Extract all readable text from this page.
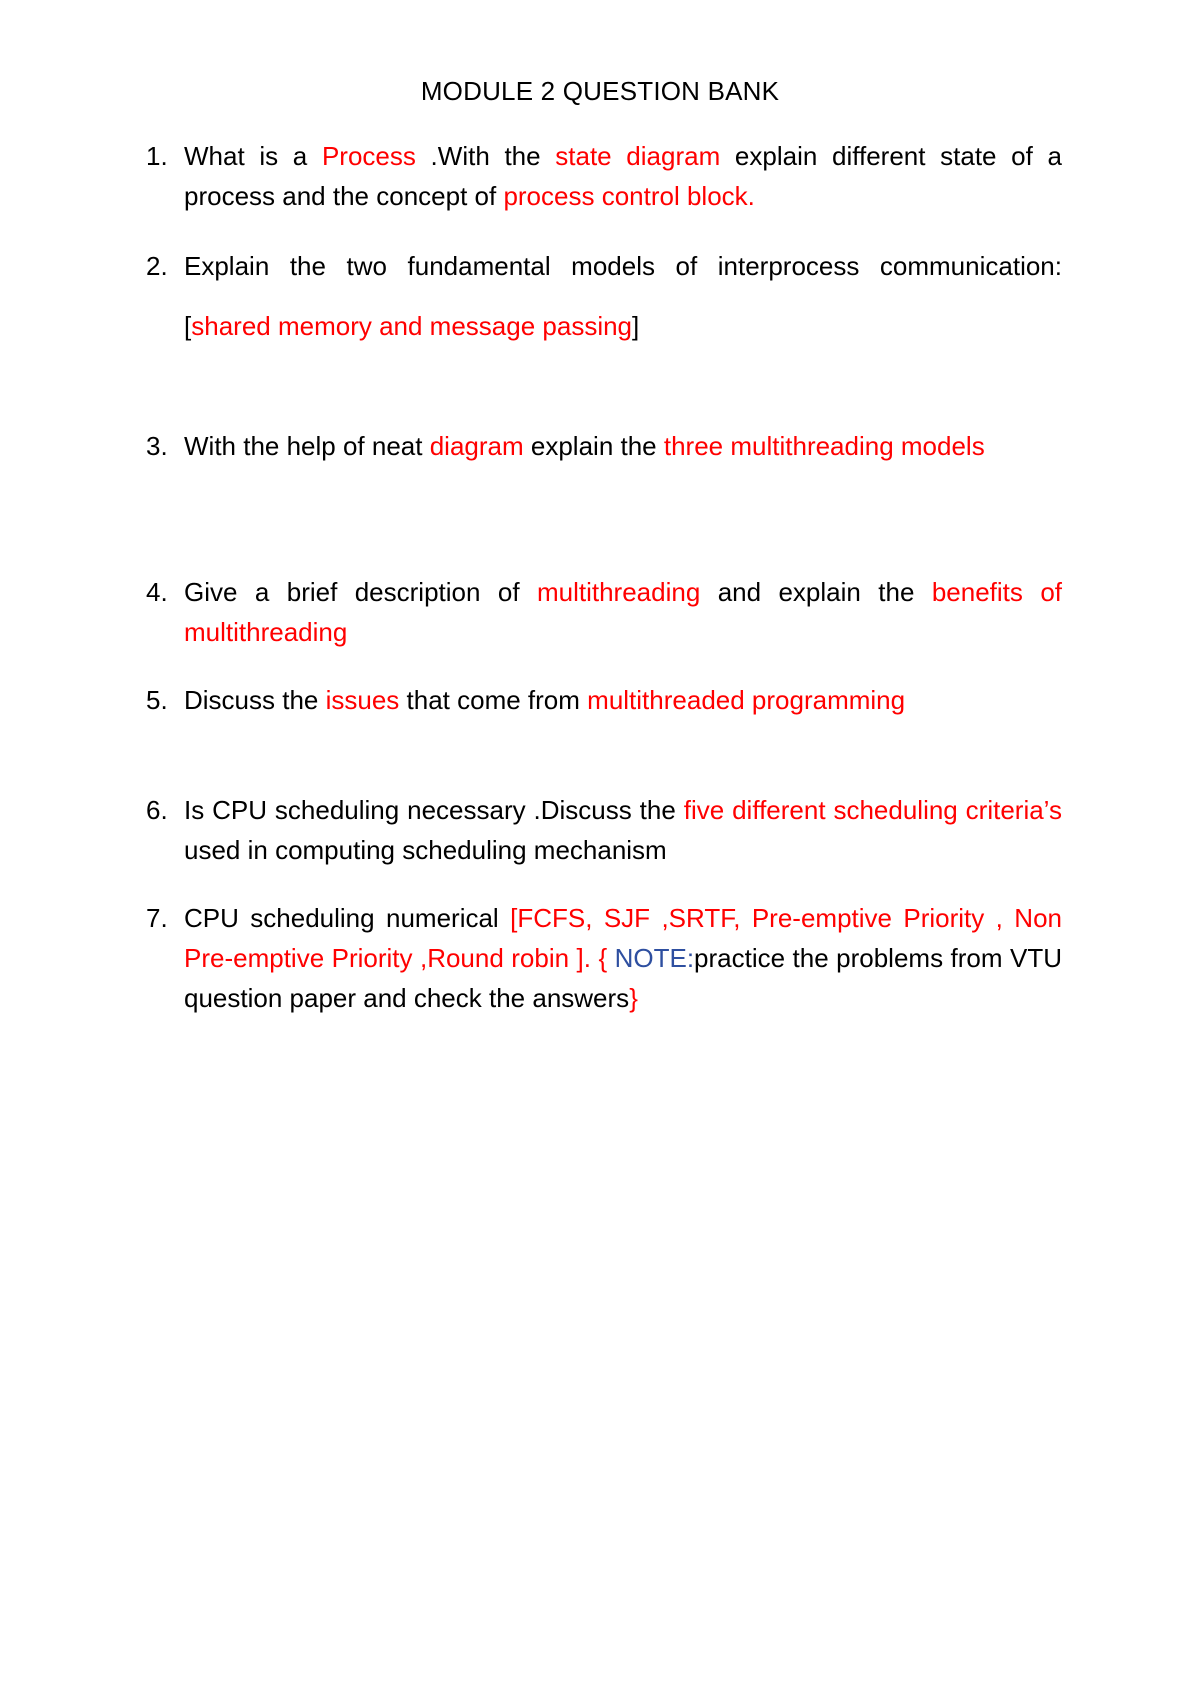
MODULE 2 QUESTION BANK
1. What is a Process .With the state diagram explain different state of a process and the concept of process control block.
2. Explain the two fundamental models of interprocess communication: [shared memory and message passing]
3. With the help of neat diagram explain the three multithreading models
4. Give a brief description of multithreading and explain the benefits of multithreading
5. Discuss the issues that come from multithreaded programming
6. Is CPU scheduling necessary .Discuss the five different scheduling criteria’s used in computing scheduling mechanism
7. CPU scheduling numerical [FCFS, SJF ,SRTF, Pre-emptive Priority , Non Pre-emptive Priority ,Round robin ]. { NOTE:practice the problems from VTU question paper and check the answers}
